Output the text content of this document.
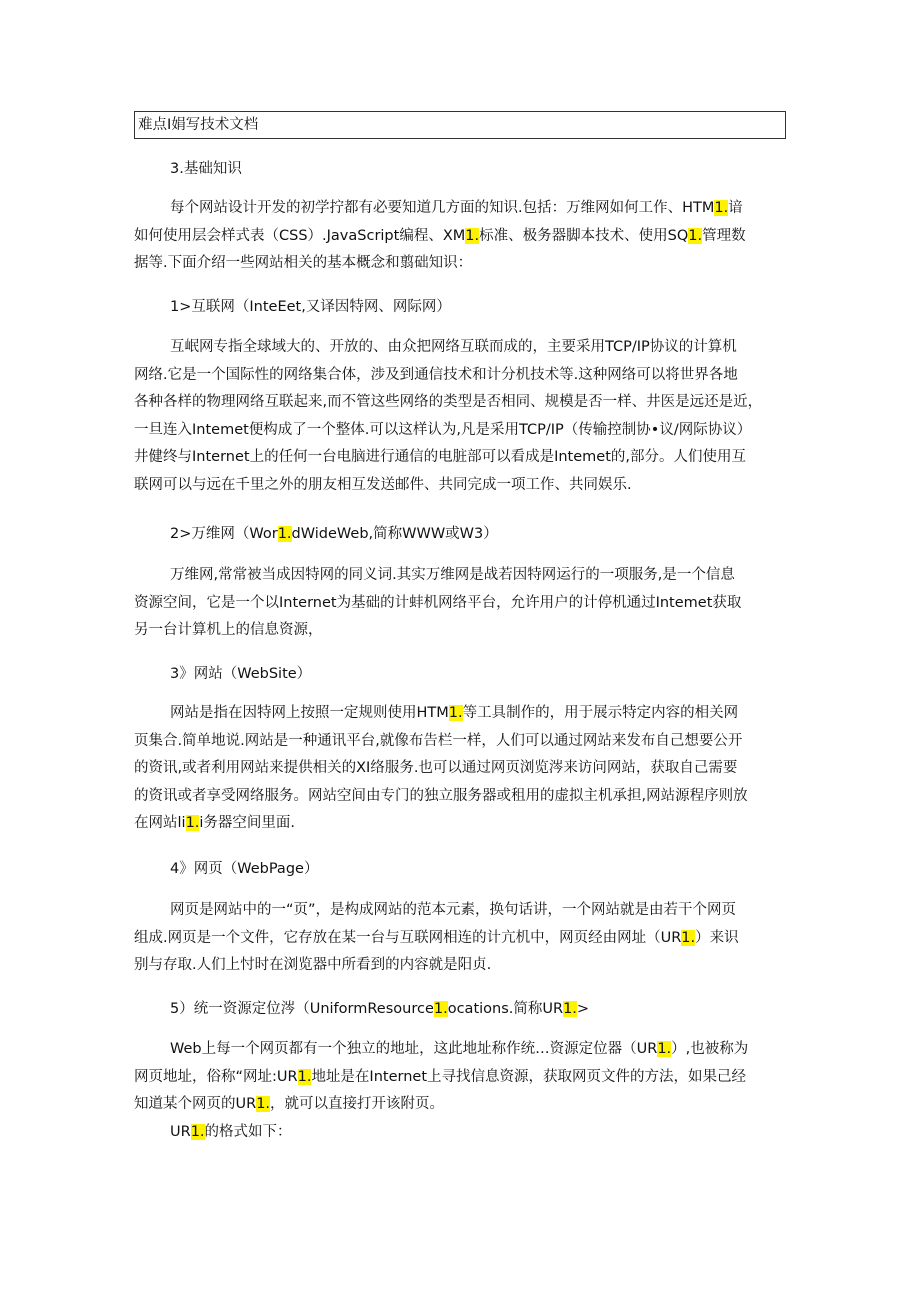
难点I娟写技术文档
3.基础知识
每个网站设计开发的初学拧都有必要知道几方面的知识.包括：万维网如何工作、HTM1.谙
如何使用层会样式表（CSS）.JavaScript编程、XM1.标准、极务器脚本技术、使用SQ1.管理数
据等.下面介绍一些网站相关的基本概念和翦础知识：
1>互联网（InteEet,又译因特网、网际网）
互岷网专指全球域大的、开放的、由众把网络互联而成的，主要采用TCP/IP协议的计算机
网络.它是一个国际性的网络集合体，涉及到通信技术和计分机技术等.这种网络可以将世界各地
各种各样的物理网络互联起来,而不管这些网络的类型是否相同、规模是否一样、井医是远还是近，
一旦连入Intemet便构成了一个整体.可以这样认为,凡是采用TCP/IP（传输控制协•议/网际协议）
井健终与Internet上的任何一台电脑进行通信的电脏部可以看成是Intemet的,部分。人们使用互
联网可以与远在千里之外的朋友相互发送邮件、共同完成一项工作、共同娱乐.
2>万维网（Wor1.dWideWeb,简称WWW或W3）
万维网,常常被当成因特网的同义词.其实万维网是战若因特网运行的一项服务,是一个信息
资源空间，它是一个以Internet为基础的计蚌机网络平台，允许用户的计停机通过Intemet获取
另一台计算机上的信息资源，
3》网站（WebSite）
网站是指在因特网上按照一定规则使用HTM1.等工具制作的，用于展示特定内容的相关网
页集合.简单地说.网站是一种通讯平台,就像布告栏一样，人们可以通过网站来发布自己想要公开
的资讯,或者利用网站来提供相关的XI络服务.也可以通过网页浏览涔来访问网站，获取自己需要
的资讯或者享受网络服务。网站空间由专门的独立服务器或租用的虚拟主机承担,网站源程序则放
在网站li1.i务器空间里面.
4》网页（WebPage）
网页是网站中的一“页”，是构成网站的范本元素，换句话讲，一个网站就是由若干个网页
组成.网页是一个文件，它存放在某一台与互联网相连的计亢机中，网页经由网址（UR1.）来识
别与存取.人们上忖时在浏览器中所看到的内容就是阳贞.
5）统一资源定位涔（UniformResource1.ocations.简称UR1.>
Web上每一个网页都有一个独立的地址，这此地址称作统…资源定位器（UR1.）,也被称为
网页地址，俗称“网址:UR1.地址是在Internet上寻找信息资源，获取网页文件的方法，如果己经
知道某个网页的UR1.，就可以直接打开该附页。
UR1.的格式如下：
